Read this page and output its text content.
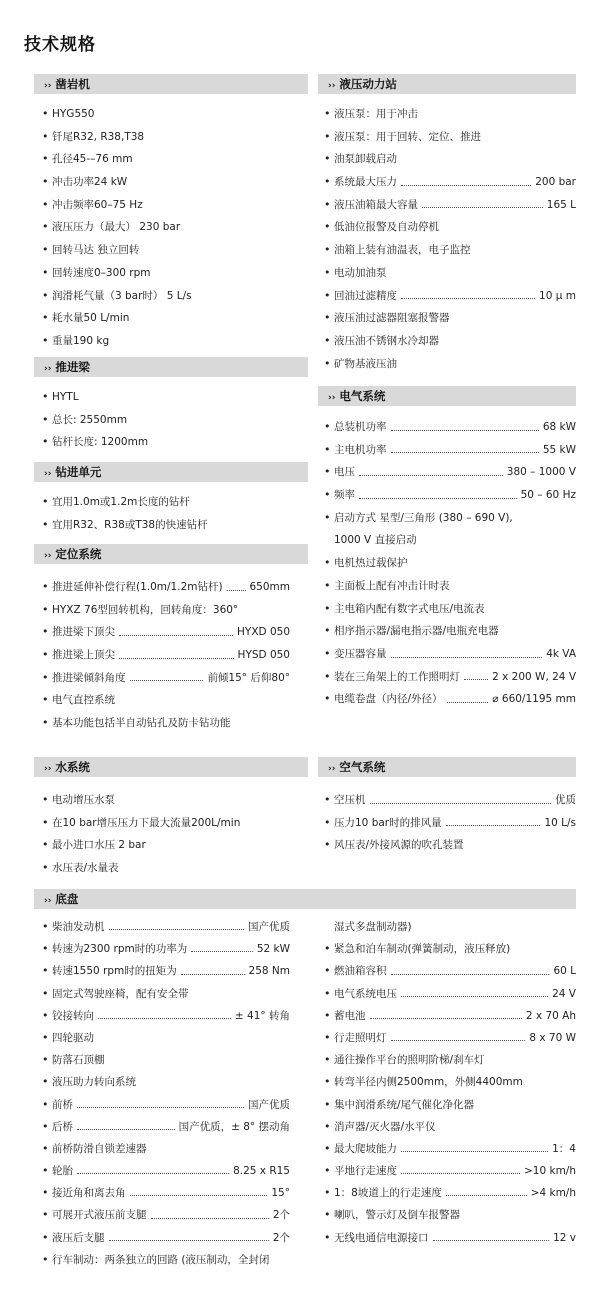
技术规格
›› 凿岩机	›› 液压动力站
›› 推进梁
›› 电气系统
›› 钻进单元
›› 定位系统
›› 水系统	›› 空气系统
›› 底盘
• HYG550
• 钎尾R32, R38,T38
• 孔径45-–76 mm
• 冲击功率24 kW
• 冲击频率60–75 Hz
• 液压压力（最大） 230 bar
• 回转马达 独立回转
• 回转速度0–300 rpm
• 润滑耗气量（3 bar时） 5 L/s
• 耗水量50 L/min
• 重量190 kg
• HYTL
• 总长: 2550mm
• 钻杆长度: 1200mm
• 宜用1.0m或1.2m长度的钻杆
• 宜用R32、R38或T38的快速钻杆
• 推进延伸补偿行程(1.0m/1.2m钻杆)	650mm
• HYXZ 76型回转机构，回转角度：360°
• 推进梁下顶尖	HYXD 050
• 推进梁上顶尖	HYSD 050
• 推进梁倾斜角度	前倾15° 后仰80°
• 电气直控系统
• 基本功能包括半自动钻孔及防卡钻功能
• 液压泵：用于冲击
• 液压泵：用于回转、定位、推进
• 油泵卸载启动
• 系统最大压力	200 bar
• 液压油箱最大容量	165 L
• 低油位报警及自动停机
• 油箱上装有油温表，电子监控
• 电动加油泵
• 回油过滤精度	10 μ m
• 液压油过滤器阻塞报警器
• 液压油不锈钢水冷却器
• 矿物基液压油
• 总装机功率	68 kW
• 主电机功率	55 kW
• 电压	380 – 1000 V
• 频率	50 – 60 Hz
• 启动方式 星型/三角形 (380 – 690 V),
1000 V 直接启动
• 电机热过载保护
• 主面板上配有冲击计时表
• 主电箱内配有数字式电压/电流表
• 相序指示器/漏电指示器/电瓶充电器
• 变压器容量	4k VA
• 装在三角架上的工作照明灯	2 x 200 W, 24 V
• 电缆卷盘（内径/外径）	⌀ 660/1195 mm
• 电动增压水泵
• 在10 bar增压压力下最大流量200L/min
• 最小进口水压 2 bar
• 水压表/水量表
• 空压机	优质
• 压力10 bar时的排风量	10 L/s
• 风压表/外接风源的吹孔装置
• 柴油发动机	国产优质
• 转速为2300 rpm时的功率为	52 kW
• 转速1550 rpm时的扭矩为	258 Nm
• 固定式驾驶座椅，配有安全带
• 铰接转向	± 41° 转角
• 四轮驱动
• 防落石顶棚
• 液压助力转向系统
• 前桥	国产优质
• 后桥	国产优质，± 8° 摆动角
• 前桥防滑自锁差速器
• 轮胎	8.25 x R15
• 接近角和离去角	15°
• 可展开式液压前支腿	2个
• 液压后支腿	2个
• 行车制动：两条独立的回路 (液压制动，全封闭
湿式多盘制动器)
• 紧急和泊车制动(弹簧制动，液压释放)
• 燃油箱容积	60 L
• 电气系统电压	24 V
• 蓄电池	2 x 70 Ah
• 行走照明灯	8 x 70 W
• 通往操作平台的照明阶梯/刹车灯
• 转弯半径内侧2500mm，外侧4400mm
• 集中润滑系统/尾气催化净化器
• 消声器/灭火器/水平仪
• 最大爬坡能力	1：4
• 平地行走速度	>10 km/h
• 1：8坡道上的行走速度	>4 km/h
• 喇叭，警示灯及倒车报警器
• 无线电通信电源接口	12 v
